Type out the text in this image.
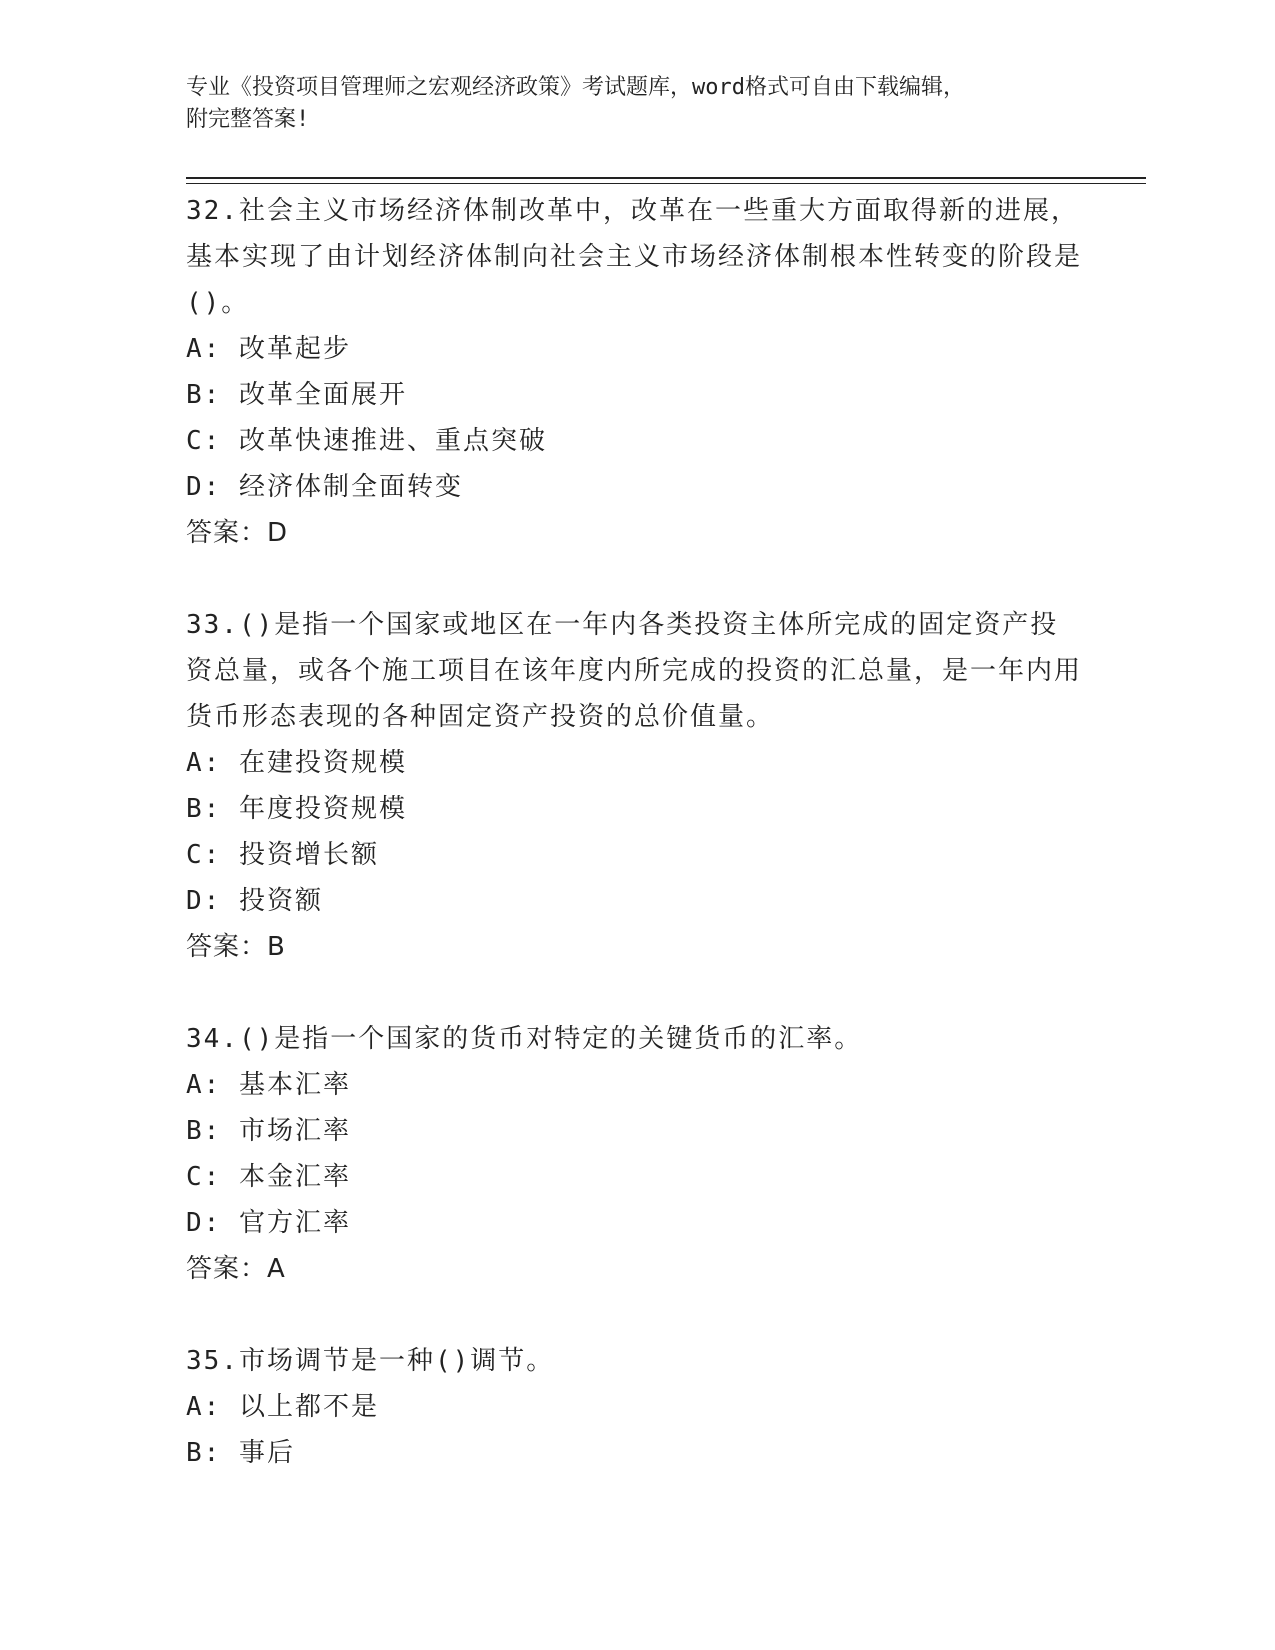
专业《投资项目管理师之宏观经济政策》考试题库，word格式可自由下载编辑，
附完整答案!

32.社会主义市场经济体制改革中，改革在一些重大方面取得新的进展，基本实现了由计划经济体制向社会主义市场经济体制根本性转变的阶段是()。

A: 改革起步

B: 改革全面展开

C: 改革快速推进、重点突破

D: 经济体制全面转变

答案：D

33.()是指一个国家或地区在一年内各类投资主体所完成的固定资产投资总量，或各个施工项目在该年度内所完成的投资的汇总量，是一年内用货币形态表现的各种固定资产投资的总价值量。

A: 在建投资规模

B: 年度投资规模

C: 投资增长额

D: 投资额

答案：B

34.()是指一个国家的货币对特定的关键货币的汇率。

A: 基本汇率

B: 市场汇率

C: 本金汇率

D: 官方汇率

答案：A

35.市场调节是一种()调节。

A: 以上都不是

B: 事后
